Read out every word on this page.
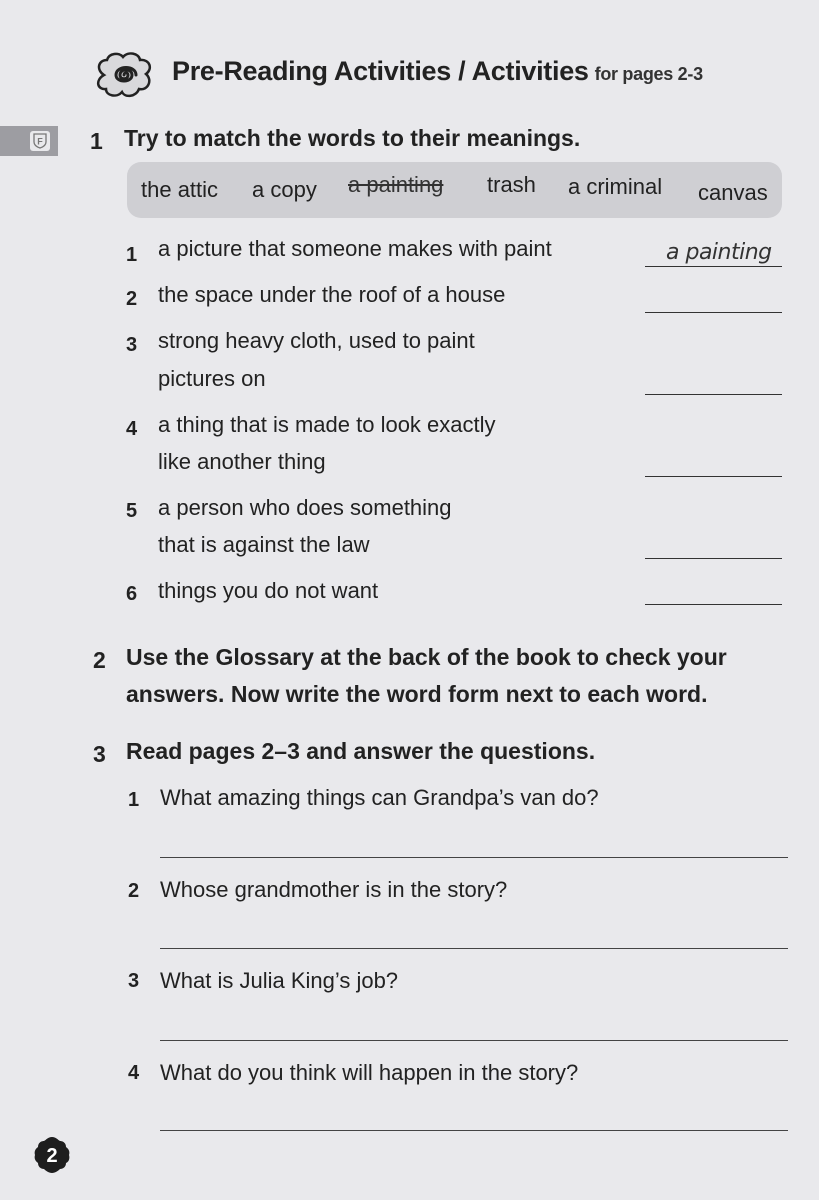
Pre-Reading Activities / Activities for pages 2-3
F 1 Try to match the words to their meanings.
the attic a copy a painting trash a criminal canvas
1 a picture that someone makes with paint	a painting
2 the space under the roof of a house
3 strong heavy cloth, used to paint
pictures on
4 a thing that is made to look exactly
like another thing
5 a person who does something
that is against the law
6 things you do not want
2 Use the Glossary at the back of the book to check your
answers. Now write the word form next to each word.
3 Read pages 2–3 and answer the questions.
1 What amazing things can Grandpa’s van do?
2 Whose grandmother is in the story?
3 What is Julia King’s job?
4 What do you think will happen in the story?
2
